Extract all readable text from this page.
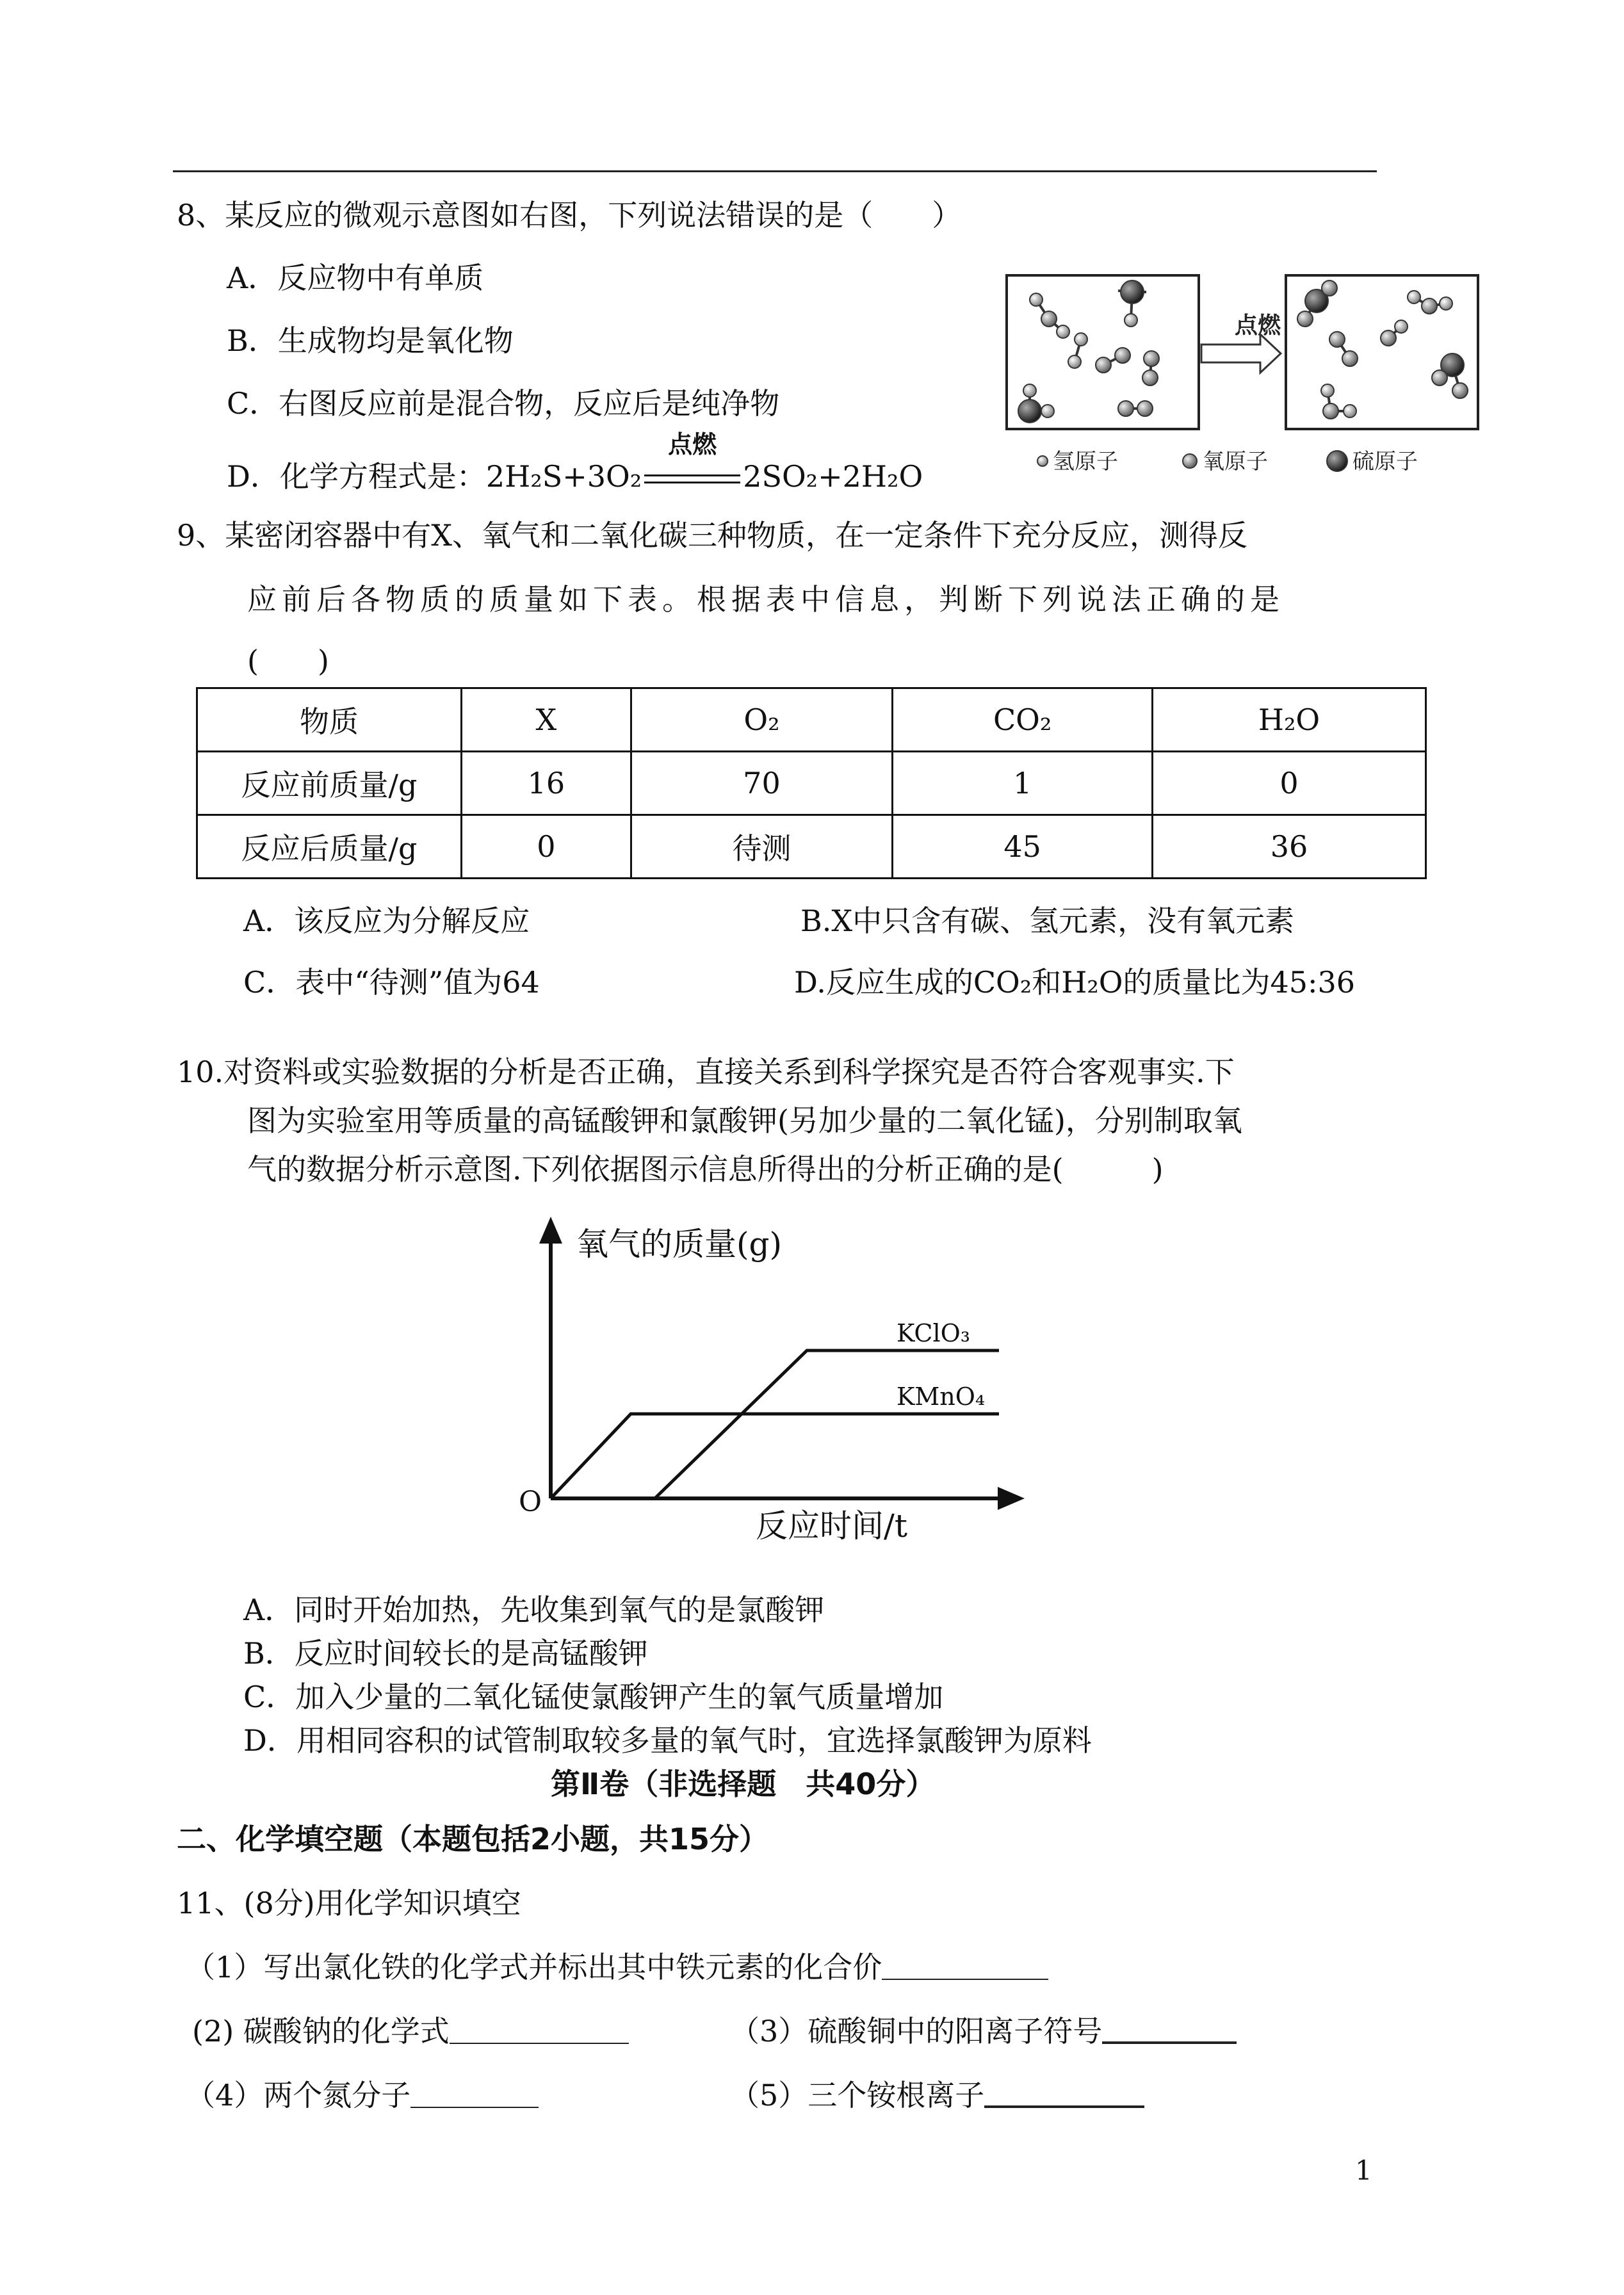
8、某反应的微观示意图如右图，下列说法错误的是（　　）
A．反应物中有单质
B．生成物均是氧化物
C．右图反应前是混合物，反应后是纯净物
D．化学方程式是：2H₂S+3O₂
点燃
2SO₂+2H₂O
点燃
氢原子	氧原子	硫原子
9、某密闭容器中有X、氧气和二氧化碳三种物质，在一定条件下充分反应，测得反
应前后各物质的质量如下表。根据表中信息，判断下列说法正确的是
(　　)
物质	X	O₂	CO₂	H₂O
反应前质量/g	16	70	1	0
反应后质量/g	0	待测	45	36
A．该反应为分解反应	B.X中只含有碳、氢元素，没有氧元素
C．表中“待测”值为64	D.反应生成的CO₂和H₂O的质量比为45:36
10.对资料或实验数据的分析是否正确，直接关系到科学探究是否符合客观事实.下
图为实验室用等质量的高锰酸钾和氯酸钾(另加少量的二氧化锰)，分别制取氧
气的数据分析示意图.下列依据图示信息所得出的分析正确的是(　　　)
氧气的质量(g)
反应时间/t
O
KClO₃
KMnO₄
A．同时开始加热，先收集到氧气的是氯酸钾
B．反应时间较长的是高锰酸钾
C．加入少量的二氧化锰使氯酸钾产生的氧气质量增加
D．用相同容积的试管制取较多量的氧气时，宜选择氯酸钾为原料
第Ⅱ卷（非选择题　共40分）
二、化学填空题（本题包括2小题，共15分）
11、(8分)用化学知识填空
（1）写出氯化铁的化学式并标出其中铁元素的化合价
(2) 碳酸钠的化学式	（3）硫酸铜中的阳离子符号
（4）两个氮分子	（5）三个铵根离子
1
